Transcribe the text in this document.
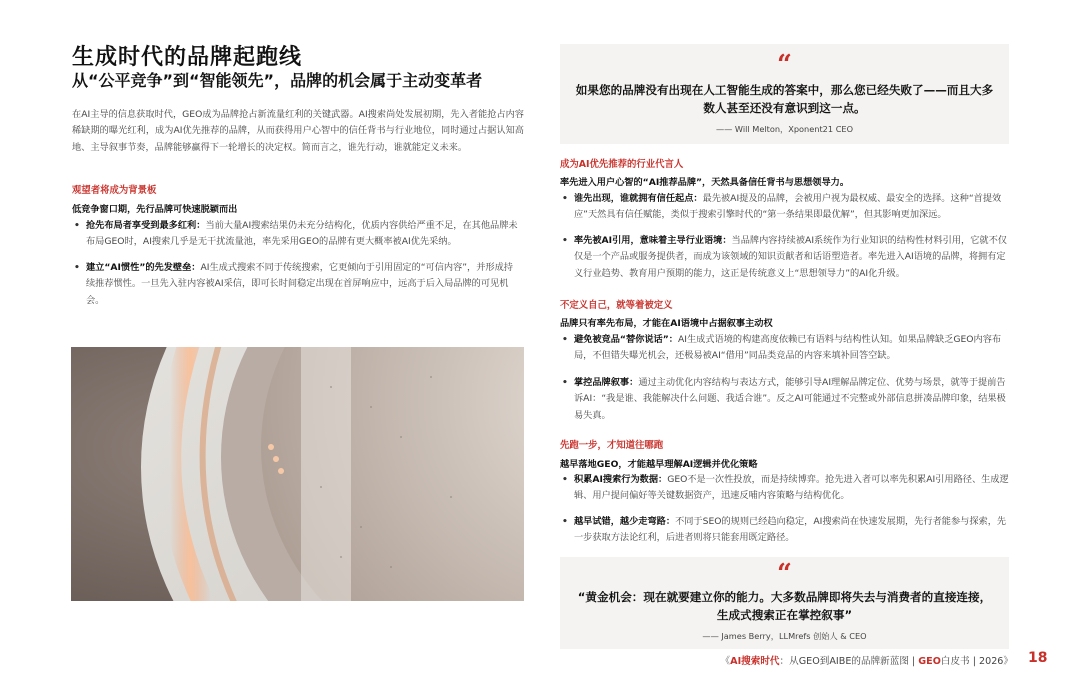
生成时代的品牌起跑线
从“公平竞争”到“智能领先”，品牌的机会属于主动变革者
在AI主导的信息获取时代，GEO成为品牌抢占新流量红利的关键武器。AI搜索尚处发展初期，先入者能抢占内容稀缺期的曝光红利，成为AI优先推荐的品牌，从而获得用户心智中的信任背书与行业地位，同时通过占据认知高地、主导叙事节奏，品牌能够赢得下一轮增长的决定权。简而言之，谁先行动，谁就能定义未来。
观望者将成为背景板
低竞争窗口期，先行品牌可快速脱颖而出
• 抢先布局者享受到最多红利：当前大量AI搜索结果仍未充分结构化，优质内容供给严重不足，在其他品牌未布局GEO时，AI搜索几乎是无干扰流量池，率先采用GEO的品牌有更大概率被AI优先采纳。
• 建立“AI惯性”的先发壁垒：AI生成式搜索不同于传统搜索，它更倾向于引用固定的“可信内容”，并形成持续推荐惯性。一旦先入驻内容被AI采信，即可长时间稳定出现在首屏响应中，远高于后入局品牌的可见机会。
“
如果您的品牌没有出现在人工智能生成的答案中，那么您已经失败了——而且大多数人甚至还没有意识到这一点。
—— Will Melton，Xponent21 CEO
成为AI优先推荐的行业代言人
率先进入用户心智的“AI推荐品牌”，天然具备信任背书与思想领导力。
• 谁先出现，谁就拥有信任起点：最先被AI提及的品牌，会被用户视为最权威、最安全的选择。这种“首提效应”天然具有信任赋能，类似于搜索引擎时代的“第一条结果即最优解”，但其影响更加深远。
• 率先被AI引用，意味着主导行业语境：当品牌内容持续被AI系统作为行业知识的结构性材料引用，它就不仅仅是一个产品或服务提供者，而成为该领域的知识贡献者和话语塑造者。率先进入AI语境的品牌，将拥有定义行业趋势、教育用户预期的能力，这正是传统意义上“思想领导力”的AI化升级。
不定义自己，就等着被定义
品牌只有率先布局，才能在AI语境中占据叙事主动权
• 避免被竞品“替你说话”：AI生成式语境的构建高度依赖已有语料与结构性认知。如果品牌缺乏GEO内容布局，不但错失曝光机会，还极易被AI“借用”同品类竞品的内容来填补回答空缺。
• 掌控品牌叙事：通过主动优化内容结构与表达方式，能够引导AI理解品牌定位、优势与场景，就等于提前告诉AI：“我是谁、我能解决什么问题、我适合谁”。反之AI可能通过不完整或外部信息拼凑品牌印象，结果极易失真。
先跑一步，才知道往哪跑
越早落地GEO，才能越早理解AI逻辑并优化策略
• 积累AI搜索行为数据：GEO不是一次性投放，而是持续博弈。抢先进入者可以率先积累AI引用路径、生成逻辑、用户提问偏好等关键数据资产，迅速反哺内容策略与结构优化。
• 越早试错，越少走弯路：不同于SEO的规则已经趋向稳定，AI搜索尚在快速发展期，先行者能参与探索，先一步获取方法论红利，后进者则将只能套用既定路径。
“
“黄金机会：现在就要建立你的能力。大多数品牌即将失去与消费者的直接连接，生成式搜索正在掌控叙事”
—— James Berry，LLMrefs 创始人 & CEO
《AI搜索时代：从GEO到AIBE的品牌新蓝图 | GEO白皮书 | 2026》 18
